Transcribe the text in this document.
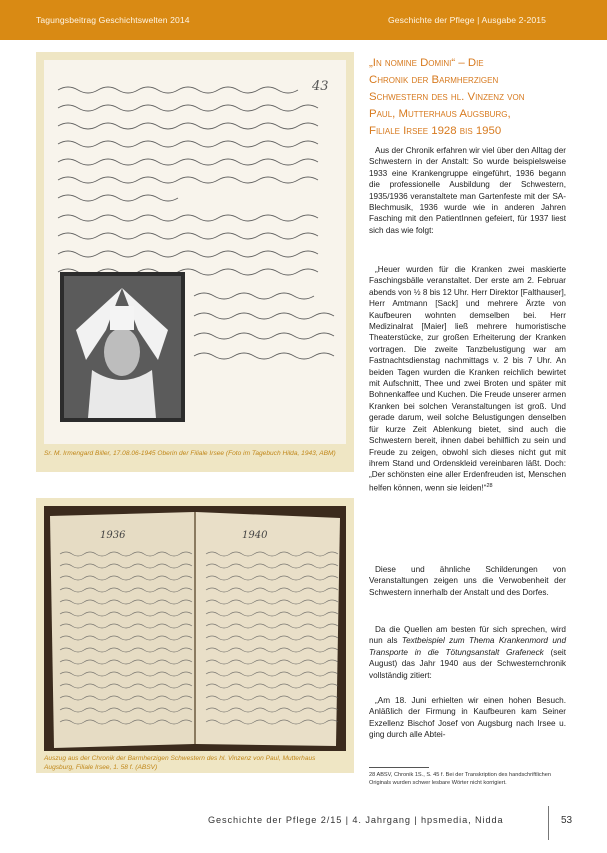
Tagungsbeitrag Geschichtswelten 2014	Geschichte der Pflege | Ausgabe 2-2015
43
Sr. M. Irmengard Biller, 17.08.06-1945 Oberin der Filiale Irsee (Foto im Tagebuch Hilda, 1943, ABM)
1936	1940
Auszug aus der Chronik der Barmherzigen Schwestern des hl. Vinzenz von Paul, Mutterhaus Augsburg, Filiale Irsee, 1. 58 f. (ABSV)
„In nomine Domini“ – Die
Chronik der Barmherzigen
Schwestern des hl. Vinzenz von
Paul, Mutterhaus Augsburg,
Filiale Irsee 1928 bis 1950

Aus der Chronik erfahren wir viel über den Alltag der Schwestern in der Anstalt: So wurde beispielsweise 1933 eine Krankengruppe eingeführt, 1936 begann die professionelle Ausbildung der Schwestern, 1935/1936 veranstaltete man Gartenfeste mit der SA-Blechmusik, 1936 wurde wie in anderen Jahren Fasching mit den PatientInnen gefeiert, für 1937 liest sich das wie folgt:

„Heuer wurden für die Kranken zwei maskierte Faschingsbälle veranstaltet. Der erste am 2. Februar abends von ½ 8 bis 12 Uhr. Herr Direktor [Falthauser], Herr Amtmann [Sack] und mehrere Ärzte von Kaufbeuren wohnten demselben bei. Herr Medizinalrat [Maier] ließ mehrere humoristische Theaterstücke, zur großen Erheiterung der Kranken vortragen. Die zweite Tanzbelustigung war am Fastnachtsdienstag nachmittags v. 2 bis 7 Uhr. An beiden Tagen wurden die Kranken reichlich bewirtet mit Aufschnitt, Thee und zwei Broten und später mit Bohnenkaffee und Kuchen. Die Freude unserer armen Kranken bei solchen Veranstaltungen ist groß. Und gerade darum, weil solche Belustigungen denselben für kurze Zeit Ablenkung bietet, sind auch die Schwestern bereit, ihnen dabei behilflich zu sein und Freude zu zeigen, obwohl sich dieses nicht gut mit ihrem Stand und Ordenskleid vereinbaren läßt. Doch: „Der schönsten eine aller Erdenfreuden ist, Menschen helfen können, wenn sie leiden!“$^{28}$

Diese und ähnliche Schilderungen von Veranstaltungen zeigen uns die Verwobenheit der Schwestern innerhalb der Anstalt und des Dorfes.

Da die Quellen am besten für sich sprechen, wird nun als Textbeispiel zum Thema Krankenmord und Transporte in die Tötungsanstalt Grafeneck (seit August) das Jahr 1940 aus der Schwesternchronik vollständig zitiert:

„Am 18. Juni erhielten wir einen hohen Besuch. Anläßlich der Firmung in Kaufbeuren kam Seiner Exzellenz Bischof Josef von Augsburg nach Irsee u. ging durch alle Abtei-

28 ABSV, Chronik 1S., S. 45 f. Bei der Transkription des handschriftlichen Originals wurden schwer lesbare Wörter nicht korrigiert.
Geschichte der Pflege 2/15 | 4. Jahrgang | hpsmedia, Nidda	53
